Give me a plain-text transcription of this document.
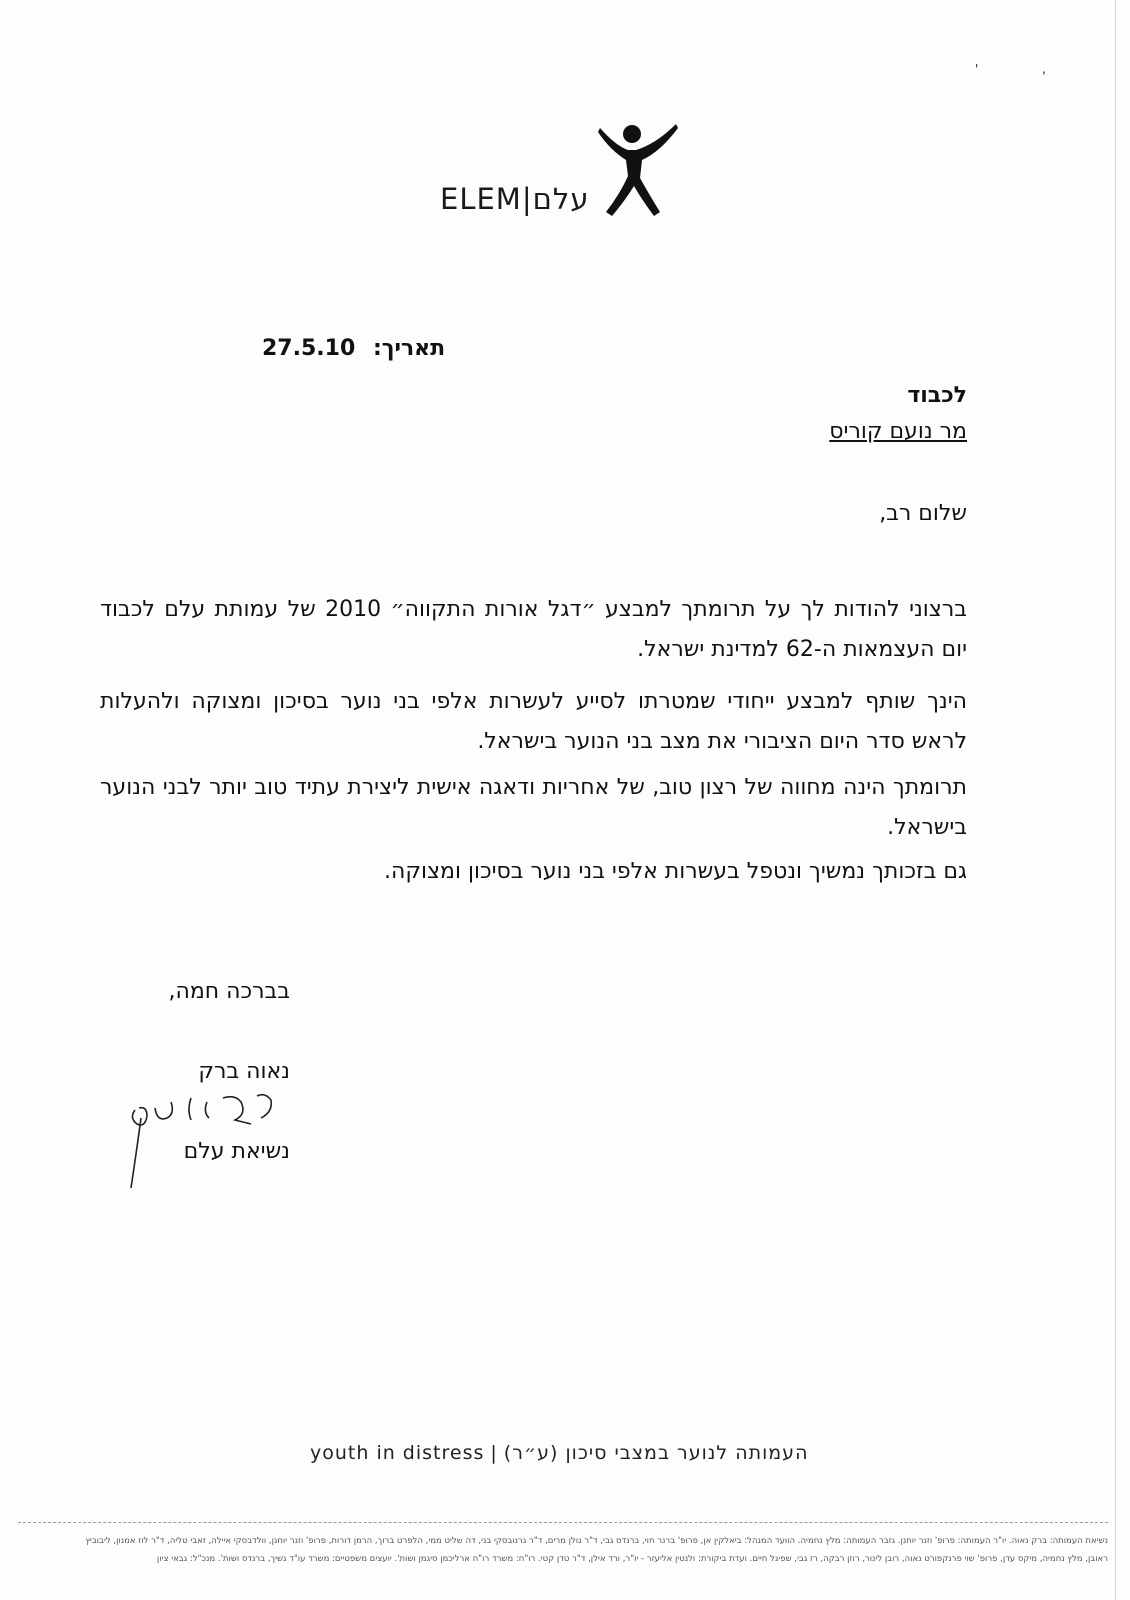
'‎ ,
ELEM|עלם
תאריך: 27.5.10
לכבוד
מר נועם קוריס
שלום רב,
ברצוני להודות לך על תרומתך למבצע ״דגל אורות התקווה״ 2010 של עמותת עלם לכבוד יום העצמאות ה-62 למדינת ישראל.
הינך שותף למבצע ייחודי שמטרתו לסייע לעשרות אלפי בני נוער בסיכון ומצוקה ולהעלות לראש סדר היום הציבורי את מצב בני הנוער בישראל.
תרומתך הינה מחווה של רצון טוב, של אחריות ודאגה אישית ליצירת עתיד טוב יותר לבני הנוער בישראל.
גם בזכותך נמשיך ונטפל בעשרות אלפי בני נוער בסיכון ומצוקה.
בברכה חמה,
נאוה ברק
נשיאת עלם
youth in distress | העמותה לנוער במצבי סיכון (ע״ר)
נשיאת העמותה: ברק נאוה. יו"ר העמותה: פרופ' וזנר יוחנן. גזבר העמותה: מלץ נחמיה. הוועד המנהל: ביאלקין אן, פרופ' ברנר חוי, ברנדס גבי, ד"ר גולן מרים, ד"ר גרנובסקי בני, דה שליט ממי, הלפרט ברוך, הרמן דורות, פרופ' וזנר יוחנן, וולדבסקי איילה, זאבי טליה, ד"ר לוז אמנון, ליבוביץ
ראובן, מלץ נחמיה, מיקס עדן, פרופ' שוי פרנקפורט נאוה, רובן לינור, רוזן רבקה, רז גבי, שפיגל חיים. ועדת ביקורת: ולנטין אליעזר - יו"ר, ורד אילן, ד"ר טדן קטי. רו"ח: משרד רו"ח ארליכמן סיגמן ושות'. יועצים משפטיים: משרד עו"ד גשיך, ברנדס ושות'. מנכ"ל: גבאי ציון
